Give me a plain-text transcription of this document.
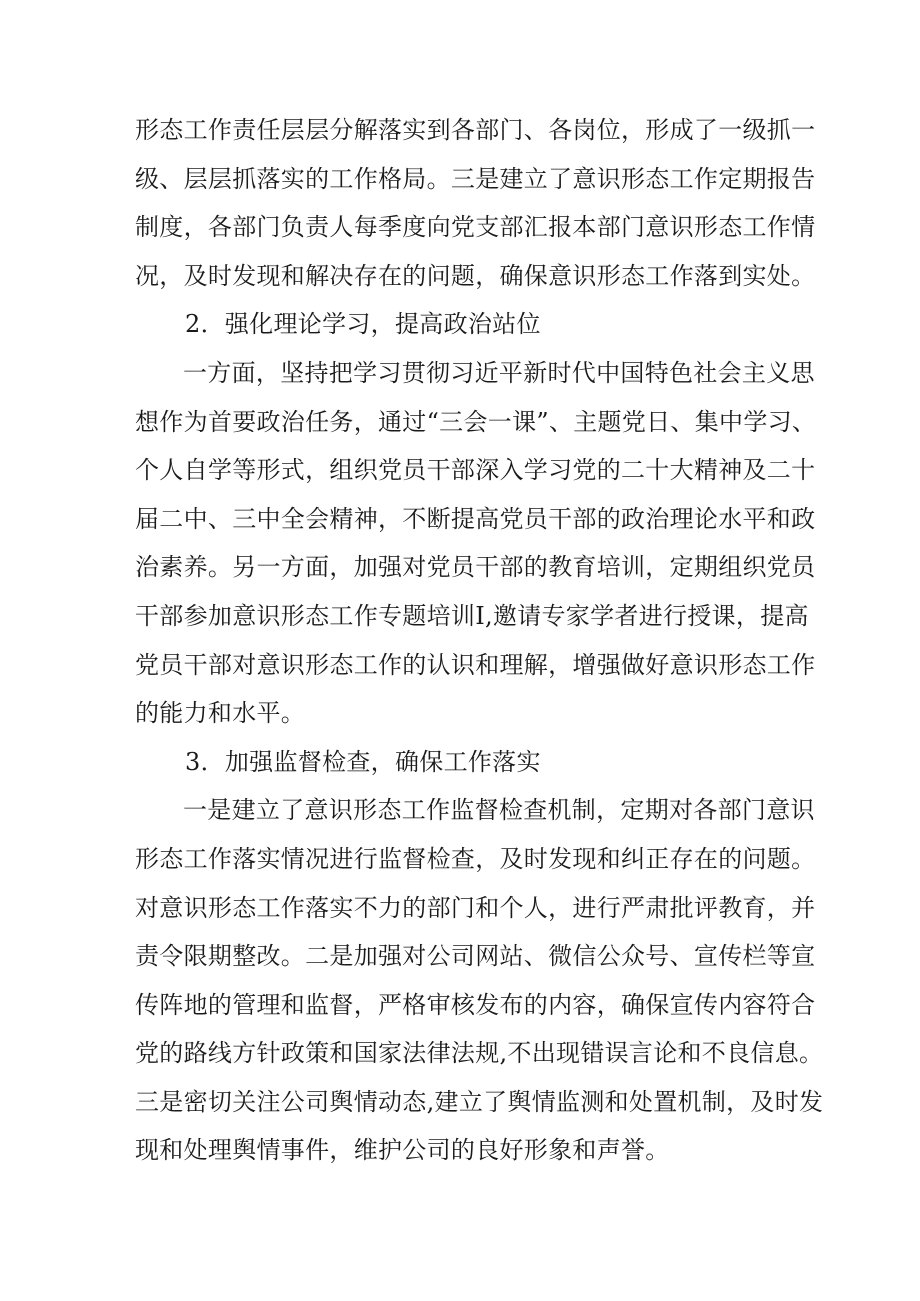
形态工作责任层层分解落实到各部门、各岗位，形成了一级抓一
级、层层抓落实的工作格局。三是建立了意识形态工作定期报告
制度，各部门负责人每季度向党支部汇报本部门意识形态工作情
况，及时发现和解决存在的问题，确保意识形态工作落到实处。
2．强化理论学习，提高政治站位
一方面，坚持把学习贯彻习近平新时代中国特色社会主义思
想作为首要政治任务，通过“三会一课”、主题党日、集中学习、
个人自学等形式，组织党员干部深入学习党的二十大精神及二十
届二中、三中全会精神，不断提高党员干部的政治理论水平和政
治素养。另一方面，加强对党员干部的教育培训，定期组织党员
干部参加意识形态工作专题培训I,邀请专家学者进行授课，提高
党员干部对意识形态工作的认识和理解，增强做好意识形态工作
的能力和水平。
3．加强监督检查，确保工作落实
一是建立了意识形态工作监督检查机制，定期对各部门意识
形态工作落实情况进行监督检查，及时发现和纠正存在的问题。
对意识形态工作落实不力的部门和个人，进行严肃批评教育，并
责令限期整改。二是加强对公司网站、微信公众号、宣传栏等宣
传阵地的管理和监督，严格审核发布的内容，确保宣传内容符合
党的路线方针政策和国家法律法规,不出现错误言论和不良信息。
三是密切关注公司舆情动态,建立了舆情监测和处置机制，及时发
现和处理舆情事件，维护公司的良好形象和声誉。
